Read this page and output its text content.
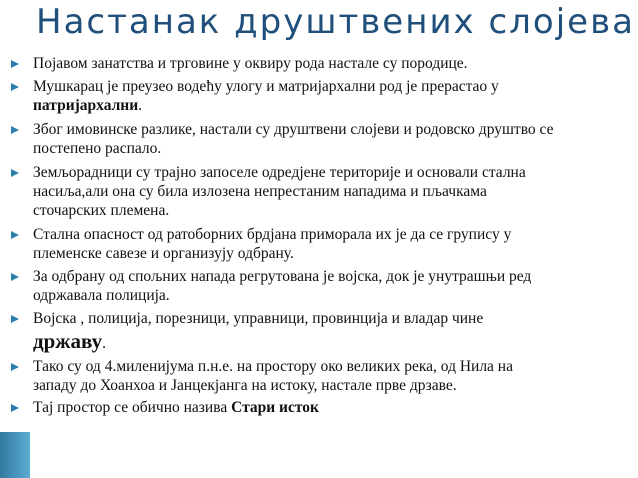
Настанак друштвених слојева
Појавом занатства и трговине у оквиру рода настале су породице.
Мушкарац је преузео водећу улогу и матријархални род је прерастао у
патријархални.
Због имовинске разлике, настали су друштвени слојеви и родовско друштво се
постепено распало.
Земљорадници су трајно запоселе одредјене територије и основали стална
насиља,али она су била излозена непрестаним нападима и пљачкама
сточарских племена.
Стална опасност од ратоборних брдјана приморала их је да се групису у
племенске савезе и организују одбрану.
За одбрану од спољних напада регрутована је војска, док је унутрашњи ред
одржавала полиција.
Војска , полиција, порезници, управници, провинција и владар чине
државу.
Тако су од 4.милeнијума п.н.е. на простору око великих река, од Нила на
западу до Хоанхоа и Јанцекјанга на истоку, настале прве дрзаве.
Тај простор се обично назива Стари исток
